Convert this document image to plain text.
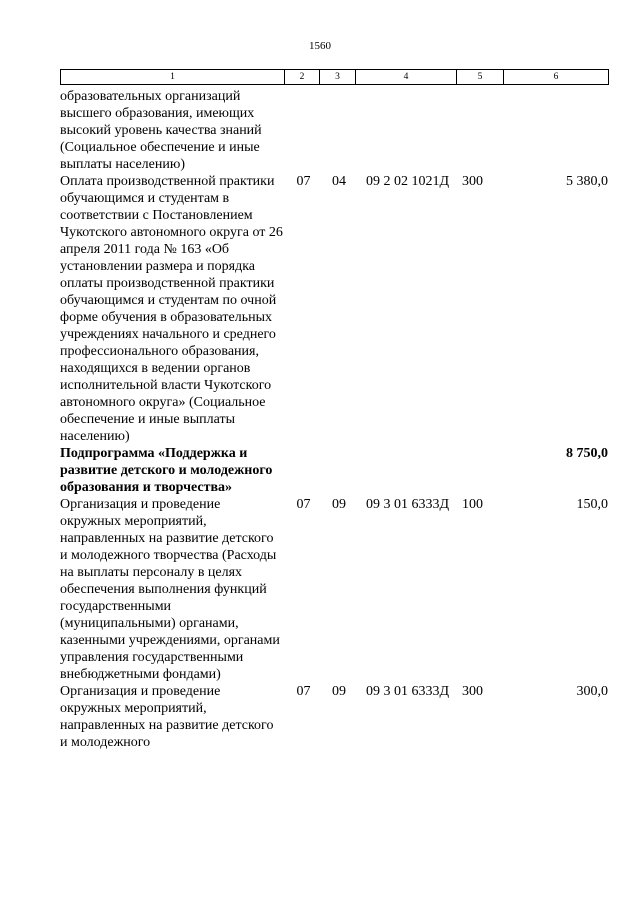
1560
1	2	3	4	5	6
образовательных организаций высшего образования, имеющих высокий уровень качества знаний (Социальное обеспечение и иные выплаты населению)					
Оплата производственной практики обучающимся и студентам в соответствии с Постановлением Чукотского автономного округа от 26 апреля 2011 года № 163 «Об установлении размера и порядка оплаты производственной практики обучающимся и студентам по очной форме обучения в образовательных учреждениях начального и среднего профессионального образования, находящихся в ведении органов исполнительной власти Чукотского автономного округа» (Социальное обеспечение и иные выплаты населению)	07	04	09 2 02 1021Д	300	5 380,0
Подпрограмма «Поддержка и развитие детского и молодежного образования и творчества»					8 750,0
Организация и проведение окружных мероприятий, направленных на развитие детского и молодежного творчества (Расходы на выплаты персоналу в целях обеспечения выполнения функций государственными (муниципальными) органами, казенными учреждениями, органами управления государственными внебюджетными фондами)	07	09	09 3 01 6333Д	100	150,0
Организация и проведение окружных мероприятий, направленных на развитие детского и молодежного	07	09	09 3 01 6333Д	300	300,0
